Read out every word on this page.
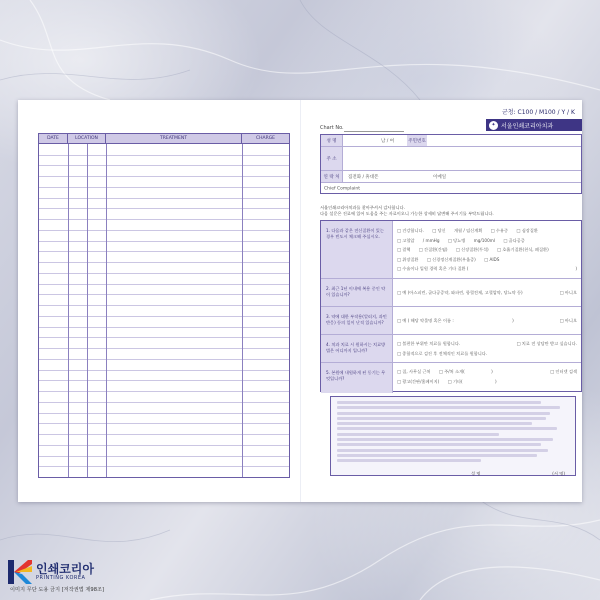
DATE	LOCATION	TREATMENT	CHARGE
군청: C100 / M100 / Y / K
Chart No.	✦ 서울인쇄코리아치과
성 명	남 / 여	주민번호
주 소
연 락 처	집전화 / 휴대폰	이메일
Chief Complaint
서울인쇄코리아치과를 찾아주셔서 감사합니다.
다음 설문은 진료에 있어 도움을 주는 자료이오니 가능한 상세히 답변해 주시기를 부탁드립니다.
1. 다음과 같은 전신질환이 있는 경우 빈도시 체크해 주십시오.
□ 건강합니다. □ 당신 개월 / 임신계획 □ 수유중 □ 심장질환
□ 고혈압 / mmHg □ 당뇨병 mg/100ml □ 골다공증
□ 결핵 □ 간질환(간염) □ 신장질환(투석) □ 호흡기질환(천식, 폐질환)
□ 위장질환 □ 신경정신계질환(우울증) □ AIDS
□ 수술이나 입원 경력 혹은 기타 질환 (	)
2. 최근 1년 이내에 복용 중인 약이 있습니까?	□ 예 (아스피린, 골다공증약, 와파린, 항혈전제, 고혈압약, 당뇨약 등)	□ 아니오
3. 약에 대한 부작용(알러지, 과민반응) 등의 일이 난적 있습니까?	□ 예 ( 해당 약물명 혹은 이름 :	)	□ 아니오
4. 치과 치료 시 원하시는 치료방법은 어디까지 입니까?
□ 불편한 부위만 치료를 원합니다.	□ 치료 전 상담만 받고 싶습니다.
□ 종합적으로 검진 후 전체적인 치료를 원합니다.
5. 본원에 내원하게 된 동기는 무엇입니까?
□ 집, 사무실 근처 □ 주/처 소개(	)	□ 인터넷 검색
□ 광고(간판/홈페이지) □ 기타(	)
성 명	(서 명)
인쇄코리아
PRINTING KOREA
이미지 무단 도용 금지 [저작권법 제98조]
